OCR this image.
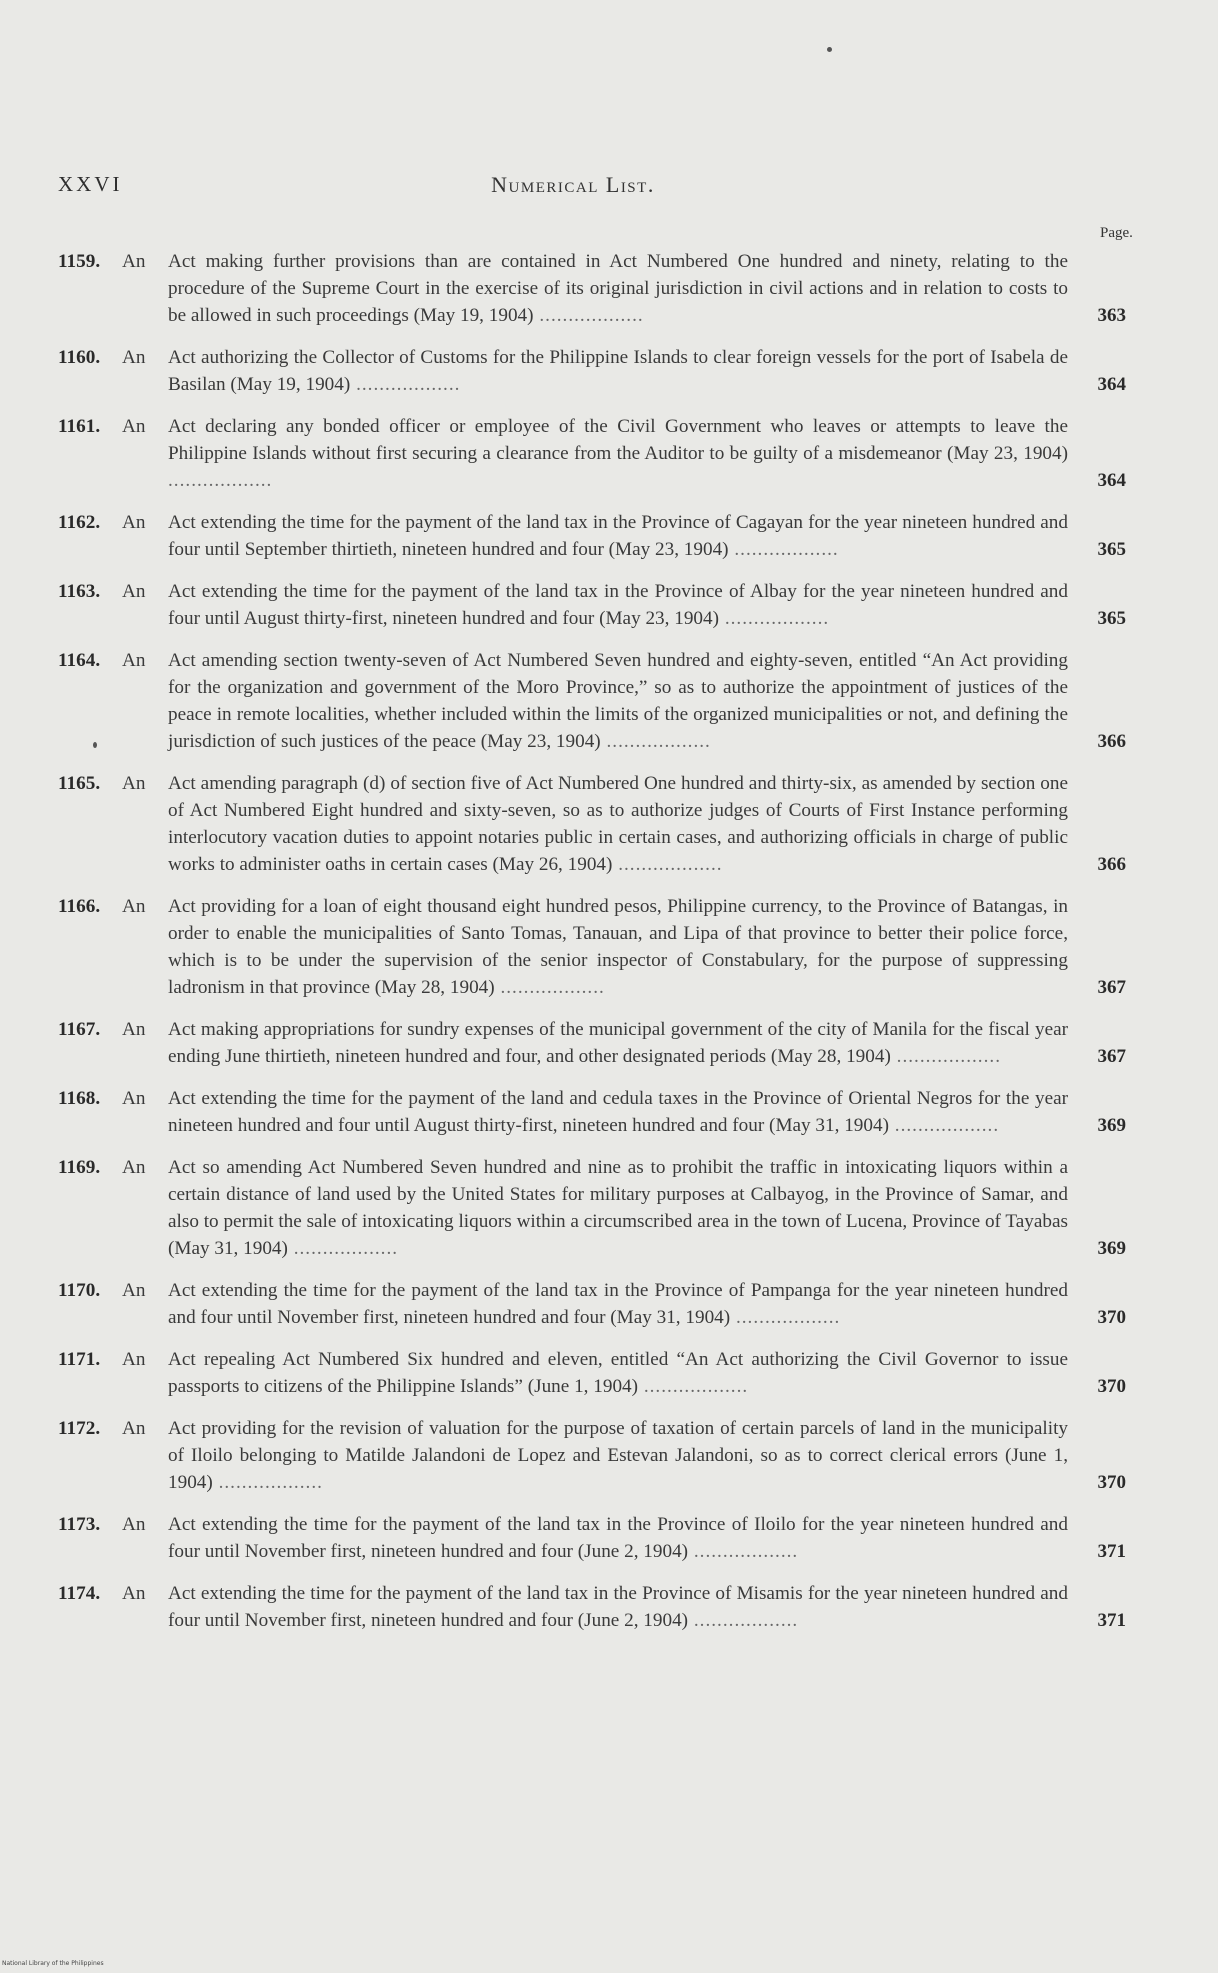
XXVI	Numerical List.
Page.
1159. An Act making further provisions than are contained in Act Numbered One hundred and ninety, relating to the procedure of the Supreme Court in the exercise of its original jurisdiction in civil actions and in relation to costs to be allowed in such proceedings (May 19, 1904) ..................	363
1160. An Act authorizing the Collector of Customs for the Philippine Islands to clear foreign vessels for the port of Isabela de Basilan (May 19, 1904) ..................	364
1161. An Act declaring any bonded officer or employee of the Civil Government who leaves or attempts to leave the Philippine Islands without first securing a clearance from the Auditor to be guilty of a misdemeanor (May 23, 1904) ..................	364
1162. An Act extending the time for the payment of the land tax in the Province of Cagayan for the year nineteen hundred and four until September thirtieth, nineteen hundred and four (May 23, 1904) ..................	365
1163. An Act extending the time for the payment of the land tax in the Province of Albay for the year nineteen hundred and four until August thirty-first, nineteen hundred and four (May 23, 1904) ..................	365
1164. An Act amending section twenty-seven of Act Numbered Seven hundred and eighty-seven, entitled “An Act providing for the organization and government of the Moro Province,” so as to authorize the appointment of justices of the peace in remote localities, whether included within the limits of the organized municipalities or not, and defining the jurisdiction of such justices of the peace (May 23, 1904) ..................	366
1165. An Act amending paragraph (d) of section five of Act Numbered One hundred and thirty-six, as amended by section one of Act Numbered Eight hundred and sixty-seven, so as to authorize judges of Courts of First Instance performing interlocutory vacation duties to appoint notaries public in certain cases, and authorizing officials in charge of public works to administer oaths in certain cases (May 26, 1904) ..................	366
1166. An Act providing for a loan of eight thousand eight hundred pesos, Philippine currency, to the Province of Batangas, in order to enable the municipalities of Santo Tomas, Tanauan, and Lipa of that province to better their police force, which is to be under the supervision of the senior inspector of Constabulary, for the purpose of suppressing ladronism in that province (May 28, 1904) ..................	367
1167. An Act making appropriations for sundry expenses of the municipal government of the city of Manila for the fiscal year ending June thirtieth, nineteen hundred and four, and other designated periods (May 28, 1904) ..................	367
1168. An Act extending the time for the payment of the land and cedula taxes in the Province of Oriental Negros for the year nineteen hundred and four until August thirty-first, nineteen hundred and four (May 31, 1904) ..................	369
1169. An Act so amending Act Numbered Seven hundred and nine as to prohibit the traffic in intoxicating liquors within a certain distance of land used by the United States for military purposes at Calbayog, in the Province of Samar, and also to permit the sale of intoxicating liquors within a circumscribed area in the town of Lucena, Province of Tayabas (May 31, 1904) ..................	369
1170. An Act extending the time for the payment of the land tax in the Province of Pampanga for the year nineteen hundred and four until November first, nineteen hundred and four (May 31, 1904) ..................	370
1171. An Act repealing Act Numbered Six hundred and eleven, entitled “An Act authorizing the Civil Governor to issue passports to citizens of the Philippine Islands” (June 1, 1904) ..................	370
1172. An Act providing for the revision of valuation for the purpose of taxation of certain parcels of land in the municipality of Iloilo belonging to Matilde Jalandoni de Lopez and Estevan Jalandoni, so as to correct clerical errors (June 1, 1904) ..................	370
1173. An Act extending the time for the payment of the land tax in the Province of Iloilo for the year nineteen hundred and four until November first, nineteen hundred and four (June 2, 1904) ..................	371
1174. An Act extending the time for the payment of the land tax in the Province of Misamis for the year nineteen hundred and four until November first, nineteen hundred and four (June 2, 1904) ..................	371
National Library of the Philippines
